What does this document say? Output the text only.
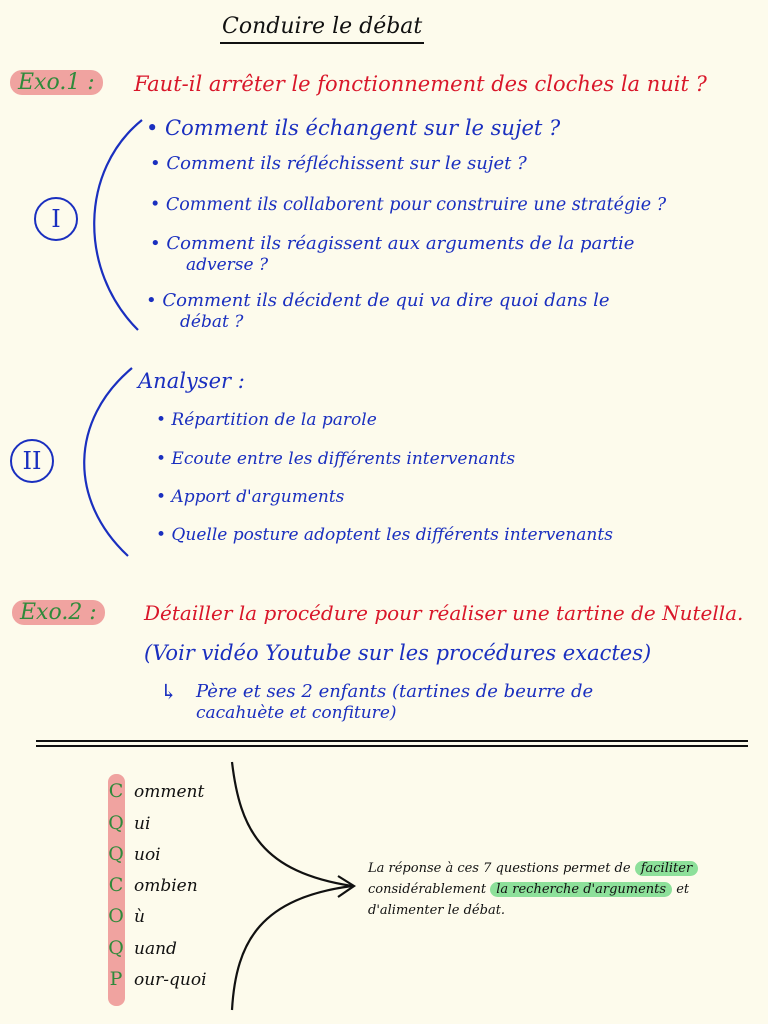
Conduire le débat
Exo.1 :	Faut-il arrêter le fonctionnement des cloches la nuit ?
I
• Comment ils échangent sur le sujet ?
• Comment ils réfléchissent sur le sujet ?
• Comment ils collaborent pour construire une stratégie ?
• Comment ils réagissent aux arguments de la partie
adverse ?
• Comment ils décident de qui va dire quoi dans le
débat ?
II
Analyser :
• Répartition de la parole
• Ecoute entre les différents intervenants
• Apport d'arguments
• Quelle posture adoptent les différents intervenants
Exo.2 :	Détailler la procédure pour réaliser une tartine de Nutella.
(Voir vidéo Youtube sur les procédures exactes)
↳ Père et ses 2 enfants (tartines de beurre de
cacahuète et confiture)
C omment
Q ui
Q uoi
C ombien
O ù
Q uand
P our-quoi
La réponse à ces 7 questions permet de faciliter
considérablement la recherche d'arguments et
d'alimenter le débat.
